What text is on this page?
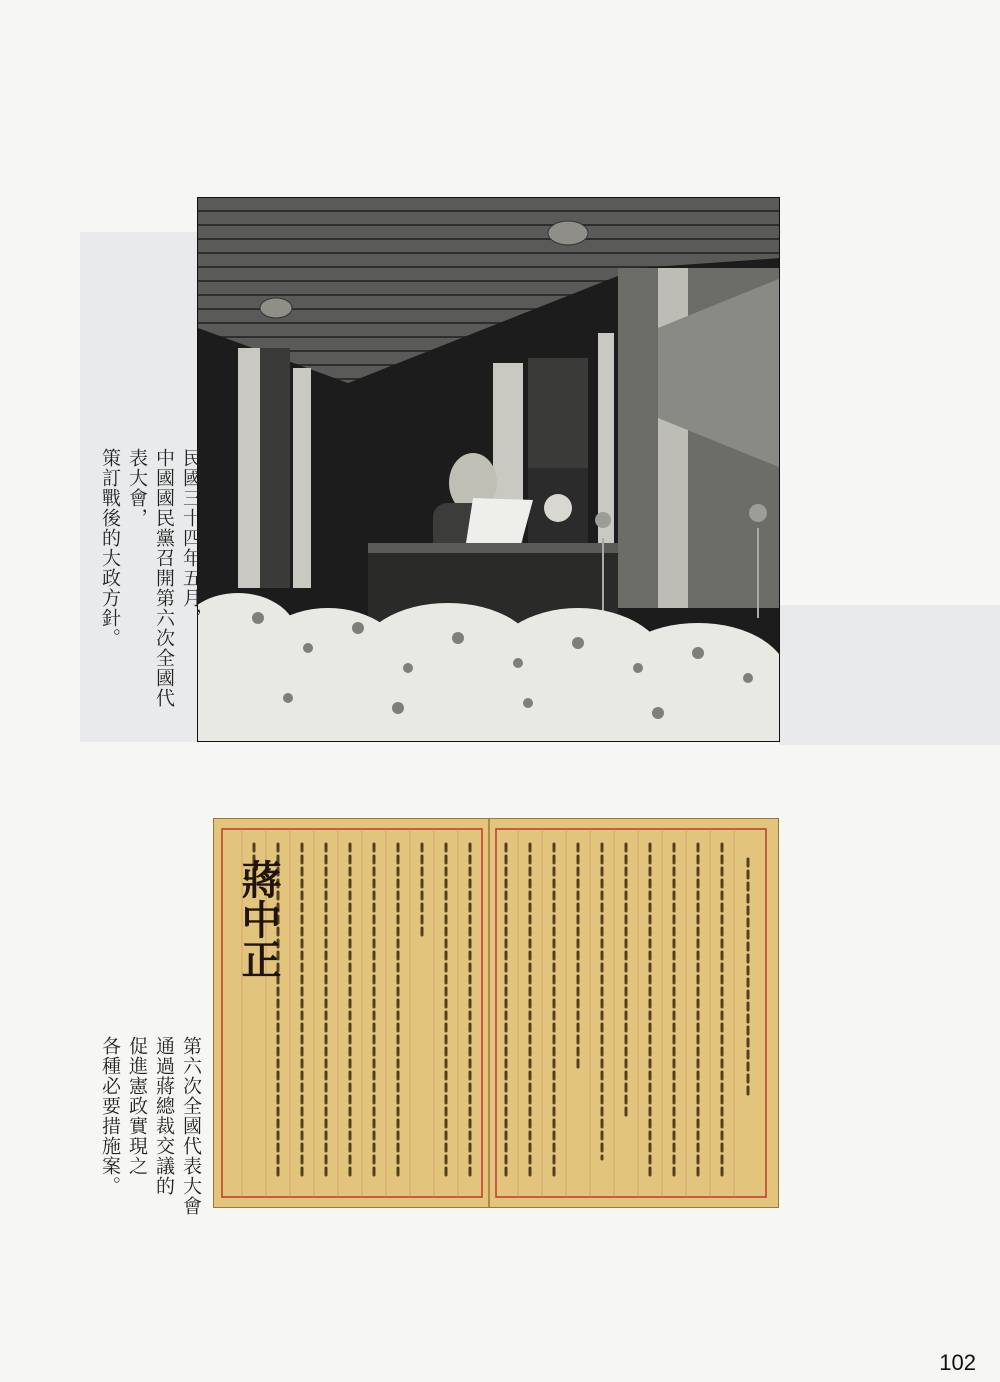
民國三十四年五月，
中國國民黨召開第六次全國代表大會，
策訂戰後的大政方針。
蔣中正
第六次全國代表大會
通過蔣總裁交議的
促進憲政實現之
各種必要措施案。
102
